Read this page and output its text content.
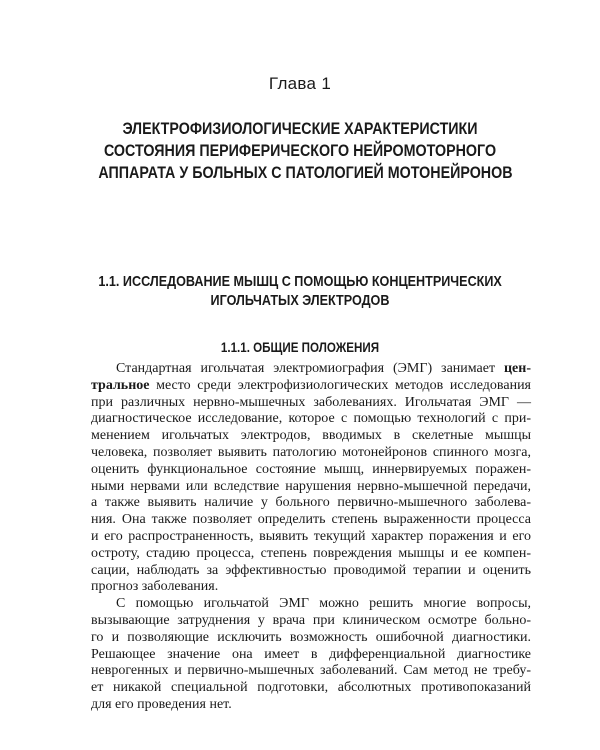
Глава 1
ЭЛЕКТРОФИЗИОЛОГИЧЕСКИЕ ХАРАКТЕРИСТИКИ
СОСТОЯНИЯ ПЕРИФЕРИЧЕСКОГО НЕЙРОМОТОРНОГО
АППАРАТА У БОЛЬНЫХ С ПАТОЛОГИЕЙ МОТОНЕЙРОНОВ
1.1. ИССЛЕДОВАНИЕ МЫШЦ С ПОМОЩЬЮ КОНЦЕНТРИЧЕСКИХ
ИГОЛЬЧАТЫХ ЭЛЕКТРОДОВ
1.1.1. ОБЩИЕ ПОЛОЖЕНИЯ
Стандартная игольчатая электромиография (ЭМГ) занимает цен-
тральное место среди электрофизиологических методов исследования
при различных нервно-мышечных заболеваниях. Игольчатая ЭМГ —
диагностическое исследование, которое с помощью технологий с при-
менением игольчатых электродов, вводимых в скелетные мышцы
человека, позволяет выявить патологию мотонейронов спинного мозга,
оценить функциональное состояние мышц, иннервируемых поражен-
ными нервами или вследствие нарушения нервно-мышечной передачи,
а также выявить наличие у больного первично-мышечного заболева-
ния. Она также позволяет определить степень выраженности процесса
и его распространенность, выявить текущий характер поражения и его
остроту, стадию процесса, степень повреждения мышцы и ее компен-
сации, наблюдать за эффективностью проводимой терапии и оценить
прогноз заболевания.
С помощью игольчатой ЭМГ можно решить многие вопросы,
вызывающие затруднения у врача при клиническом осмотре больно-
го и позволяющие исключить возможность ошибочной диагностики.
Решающее значение она имеет в дифференциальной диагностике
неврогенных и первично-мышечных заболеваний. Сам метод не требу-
ет никакой специальной подготовки, абсолютных противопоказаний
для его проведения нет.
